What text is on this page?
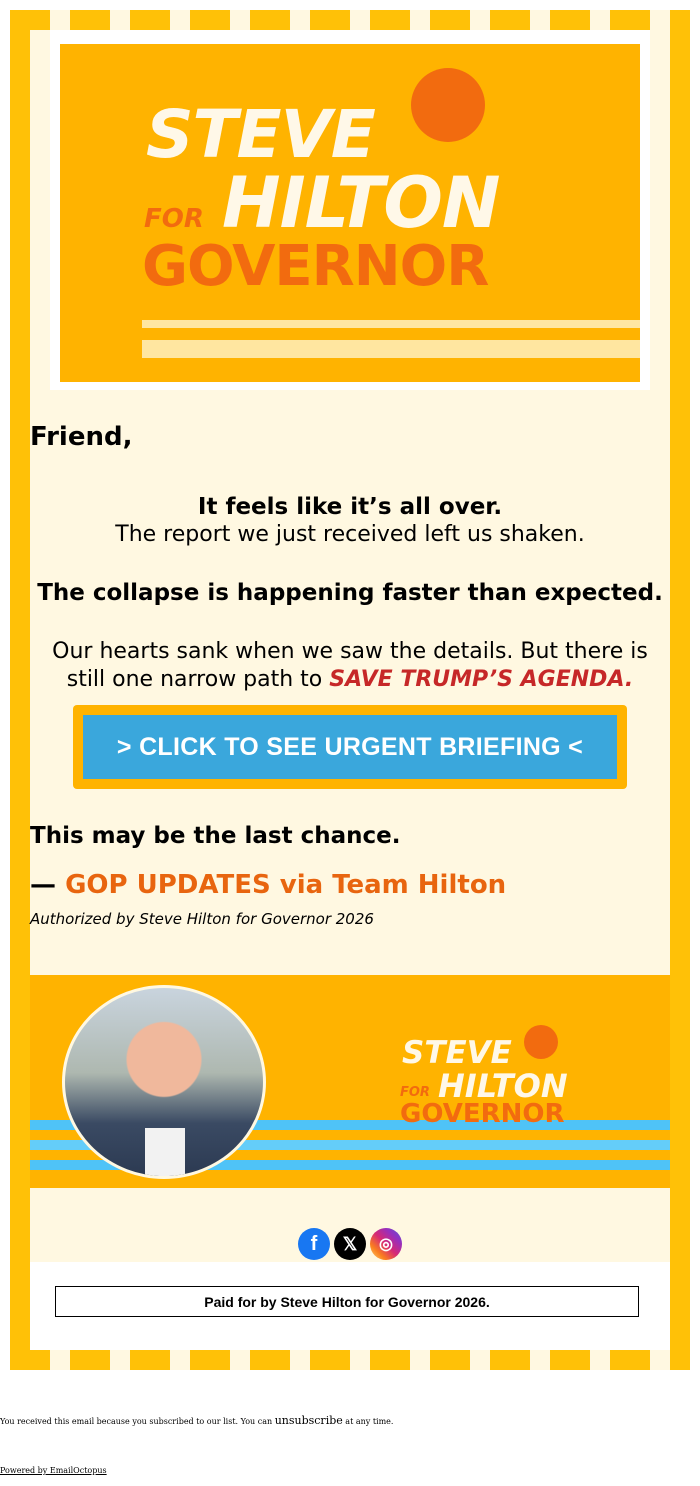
STEVE
FOR HILTON
GOVERNOR
Friend,
It feels like it’s all over.
The report we just received left us shaken.
The collapse is happening faster than expected.
Our hearts sank when we saw the details. But there is still one narrow path to SAVE TRUMP’S AGENDA.
> CLICK TO SEE URGENT BRIEFING <
This may be the last chance.
— GOP UPDATES via Team Hilton
Authorized by Steve Hilton for Governor 2026
STEVE
FOR HILTON
GOVERNOR
f	𝕏	◎
Paid for by Steve Hilton for Governor 2026.
You received this email because you subscribed to our list. You can unsubscribe at any time.
Powered by EmailOctopus
